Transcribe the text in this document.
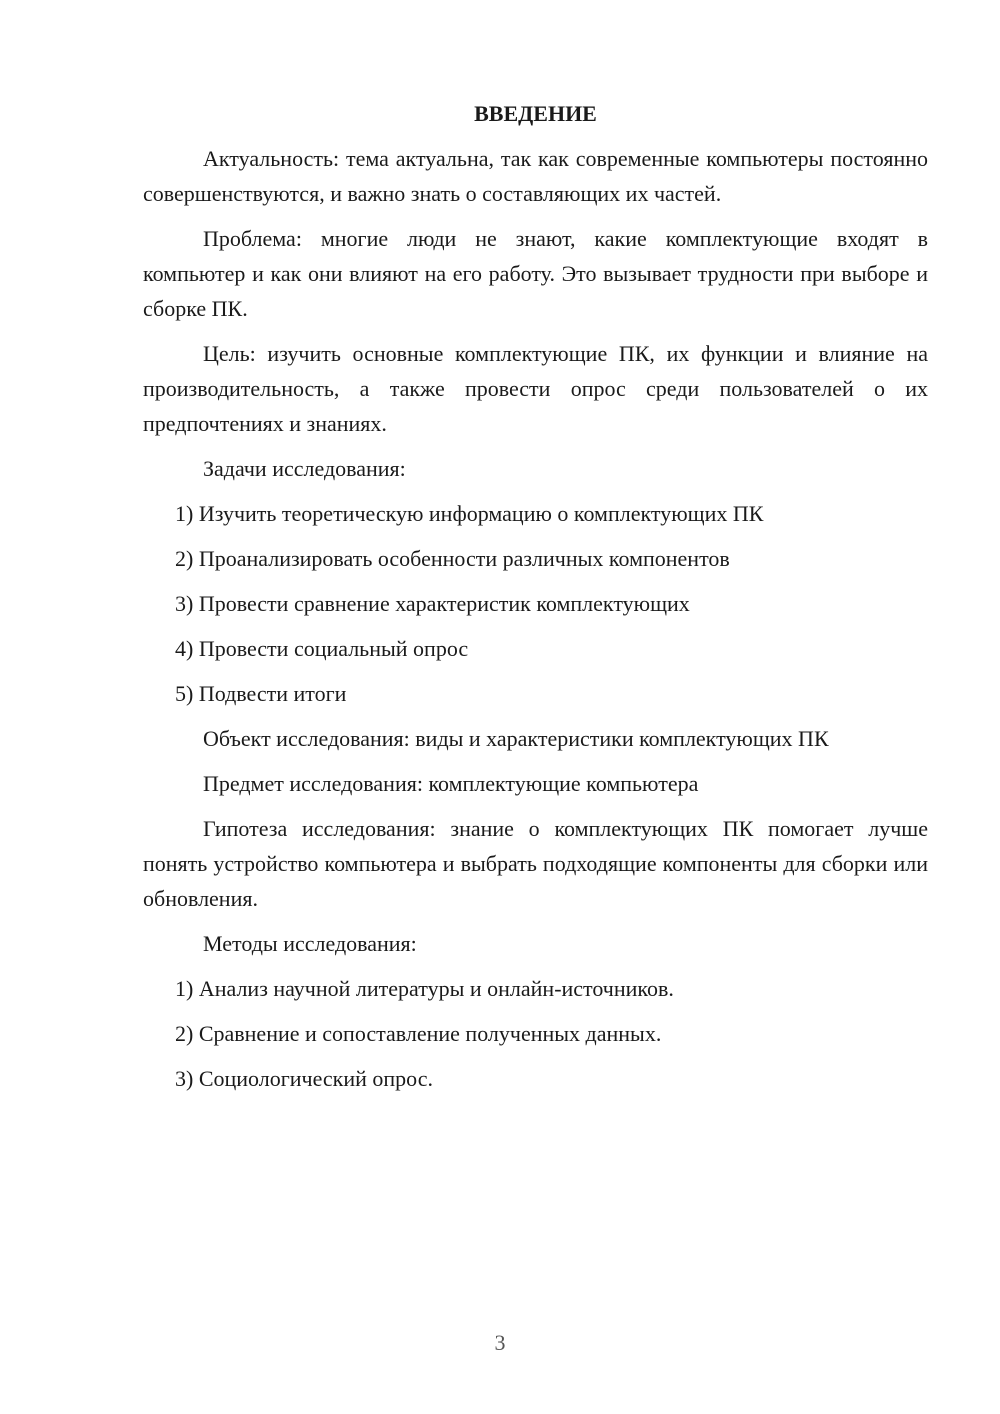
ВВЕДЕНИЕ

Актуальность: тема актуальна, так как современные компьютеры постоянно совершенствуются, и важно знать о составляющих их частей.

Проблема: многие люди не знают, какие комплектующие входят в компьютер и как они влияют на его работу. Это вызывает трудности при выборе и сборке ПК.

Цель: изучить основные комплектующие ПК, их функции и влияние на производительность, а также провести опрос среди пользователей о их предпочтениях и знаниях.

Задачи исследования:
1) Изучить теоретическую информацию о комплектующих ПК
2) Проанализировать особенности различных компонентов
3) Провести сравнение характеристик комплектующих
4) Провести социальный опрос
5) Подвести итоги
Объект исследования: виды и характеристики комплектующих ПК
Предмет исследования: комплектующие компьютера

Гипотеза исследования: знание о комплектующих ПК помогает лучше понять устройство компьютера и выбрать подходящие компоненты для сборки или обновления.

Методы исследования:
1) Анализ научной литературы и онлайн-источников.
2) Сравнение и сопоставление полученных данных.
3) Социологический опрос.
3
